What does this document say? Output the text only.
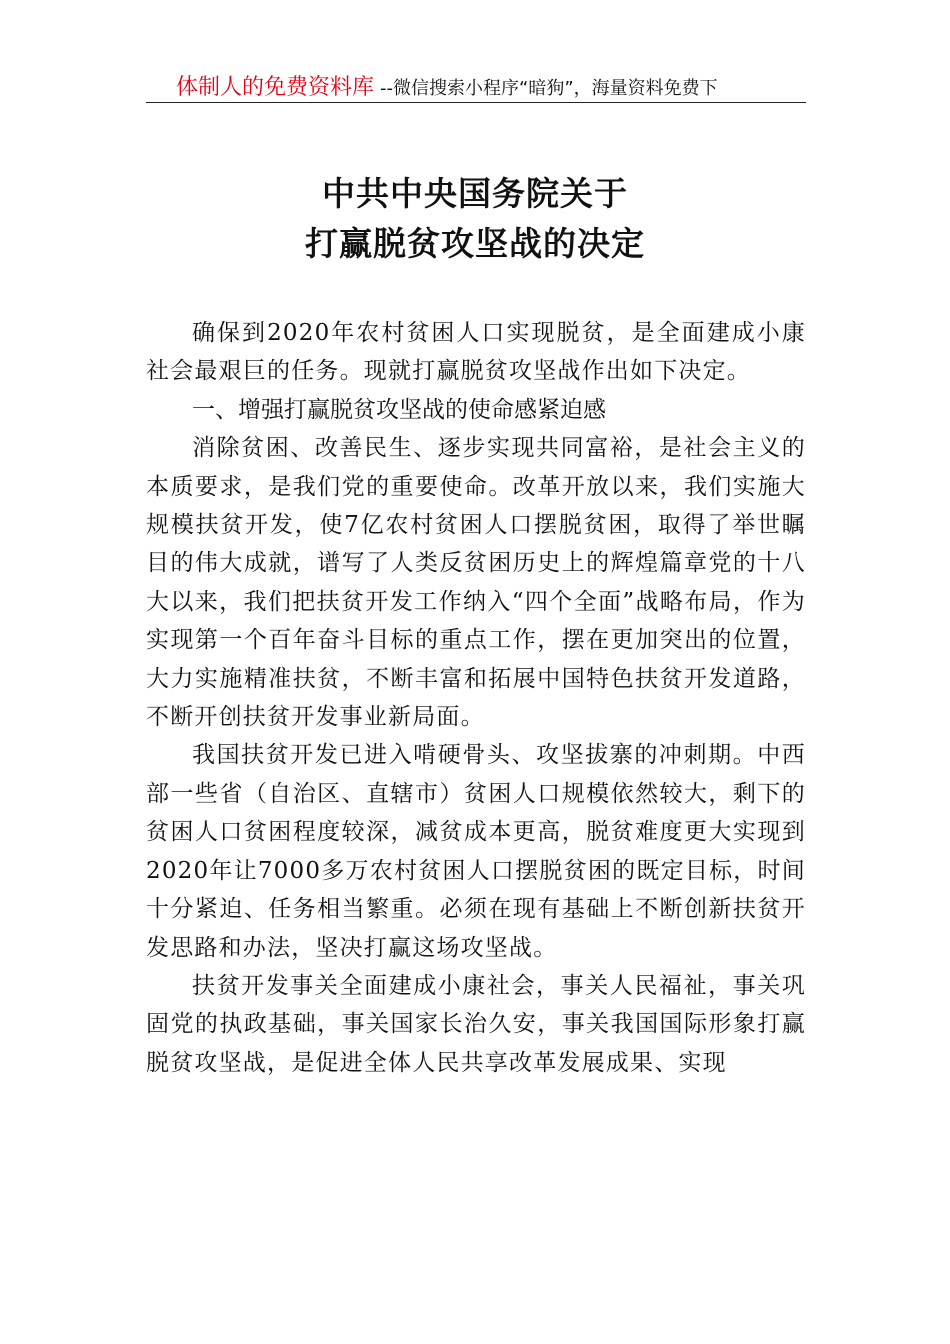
体制人的免费资料库 --微信搜索小程序“暗狗”，海量资料免费下
中共中央国务院关于
打赢脱贫攻坚战的决定

确保到2020年农村贫困人口实现脱贫，是全面建成小康社会最艰巨的任务。现就打赢脱贫攻坚战作出如下决定。

一、增强打赢脱贫攻坚战的使命感紧迫感

消除贫困、改善民生、逐步实现共同富裕，是社会主义的本质要求，是我们党的重要使命。改革开放以来，我们实施大规模扶贫开发，使7亿农村贫困人口摆脱贫困，取得了举世瞩目的伟大成就，谱写了人类反贫困历史上的辉煌篇章党的十八大以来，我们把扶贫开发工作纳入“四个全面”战略布局，作为实现第一个百年奋斗目标的重点工作，摆在更加突出的位置，大力实施精准扶贫，不断丰富和拓展中国特色扶贫开发道路，不断开创扶贫开发事业新局面。

我国扶贫开发已进入啃硬骨头、攻坚拔寨的冲刺期。中西部一些省（自治区、直辖市）贫困人口规模依然较大，剩下的贫困人口贫困程度较深，减贫成本更高，脱贫难度更大实现到2020年让7000多万农村贫困人口摆脱贫困的既定目标，时间十分紧迫、任务相当繁重。必须在现有基础上不断创新扶贫开发思路和办法，坚决打赢这场攻坚战。

扶贫开发事关全面建成小康社会，事关人民福祉，事关巩固党的执政基础，事关国家长治久安，事关我国国际形象打赢脱贫攻坚战，是促进全体人民共享改革发展成果、实现
